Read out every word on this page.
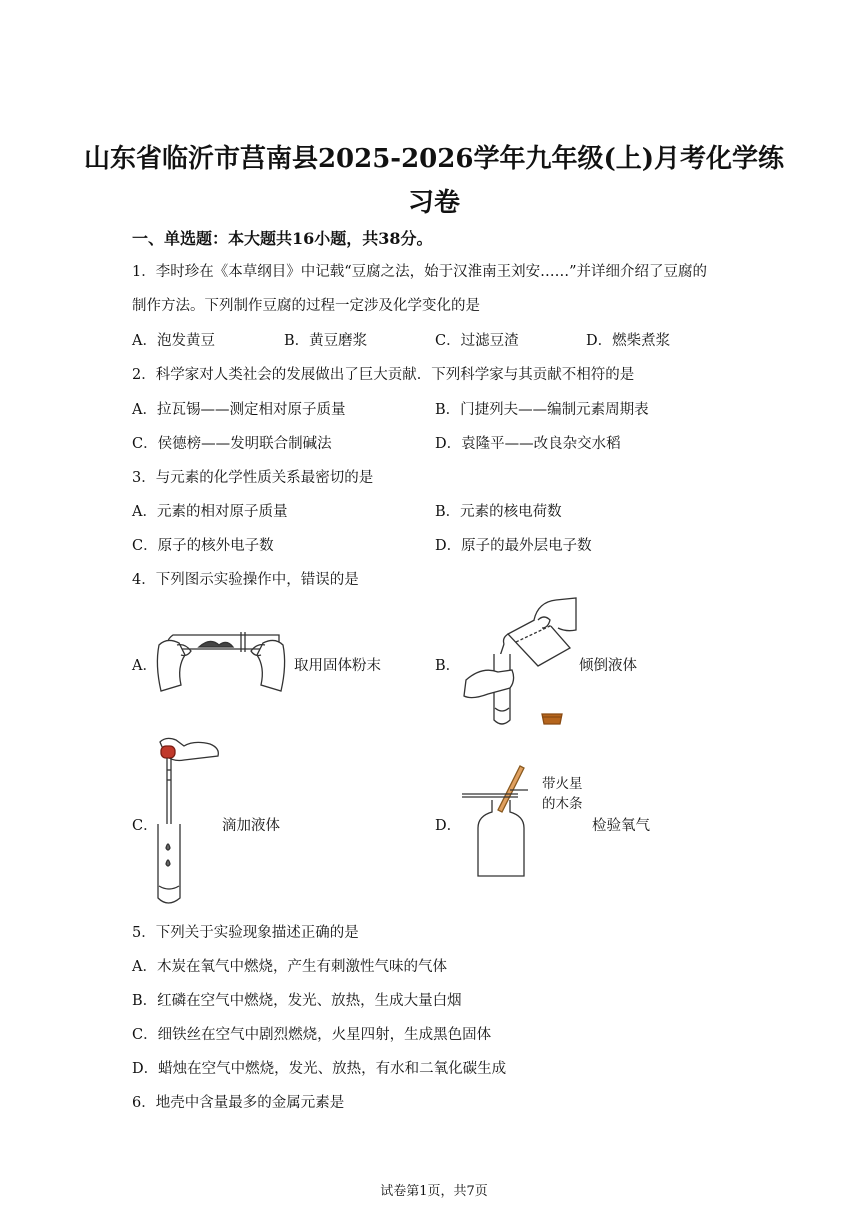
山东省临沂市莒南县2025-2026学年九年级(上)月考化学练
习卷
一、单选题：本大题共16小题，共38分。
1．李时珍在《本草纲目》中记载“豆腐之法，始于汉淮南王刘安……”并详细介绍了豆腐的
制作方法。下列制作豆腐的过程一定涉及化学变化的是
A．泡发黄豆	B．黄豆磨浆	C．过滤豆渣	D．燃柴煮浆
2．科学家对人类社会的发展做出了巨大贡献．下列科学家与其贡献不相符的是
A．拉瓦锡——测定相对原子质量	B．门捷列夫——编制元素周期表
C．侯德榜——发明联合制碱法	D．袁隆平——改良杂交水稻
3．与元素的化学性质关系最密切的是
A．元素的相对原子质量	B．元素的核电荷数
C．原子的核外电子数	D．原子的最外层电子数
4．下列图示实验操作中，错误的是
A．	取用固体粉末	B．	倾倒液体
C．	滴加液体	D．
带火星
的木条
检验氧气
5．下列关于实验现象描述正确的是
A．木炭在氧气中燃烧，产生有刺激性气味的气体
B．红磷在空气中燃烧，发光、放热，生成大量白烟
C．细铁丝在空气中剧烈燃烧，火星四射，生成黑色固体
D．蜡烛在空气中燃烧，发光、放热，有水和二氧化碳生成
6．地壳中含量最多的金属元素是
试卷第1页，共7页
